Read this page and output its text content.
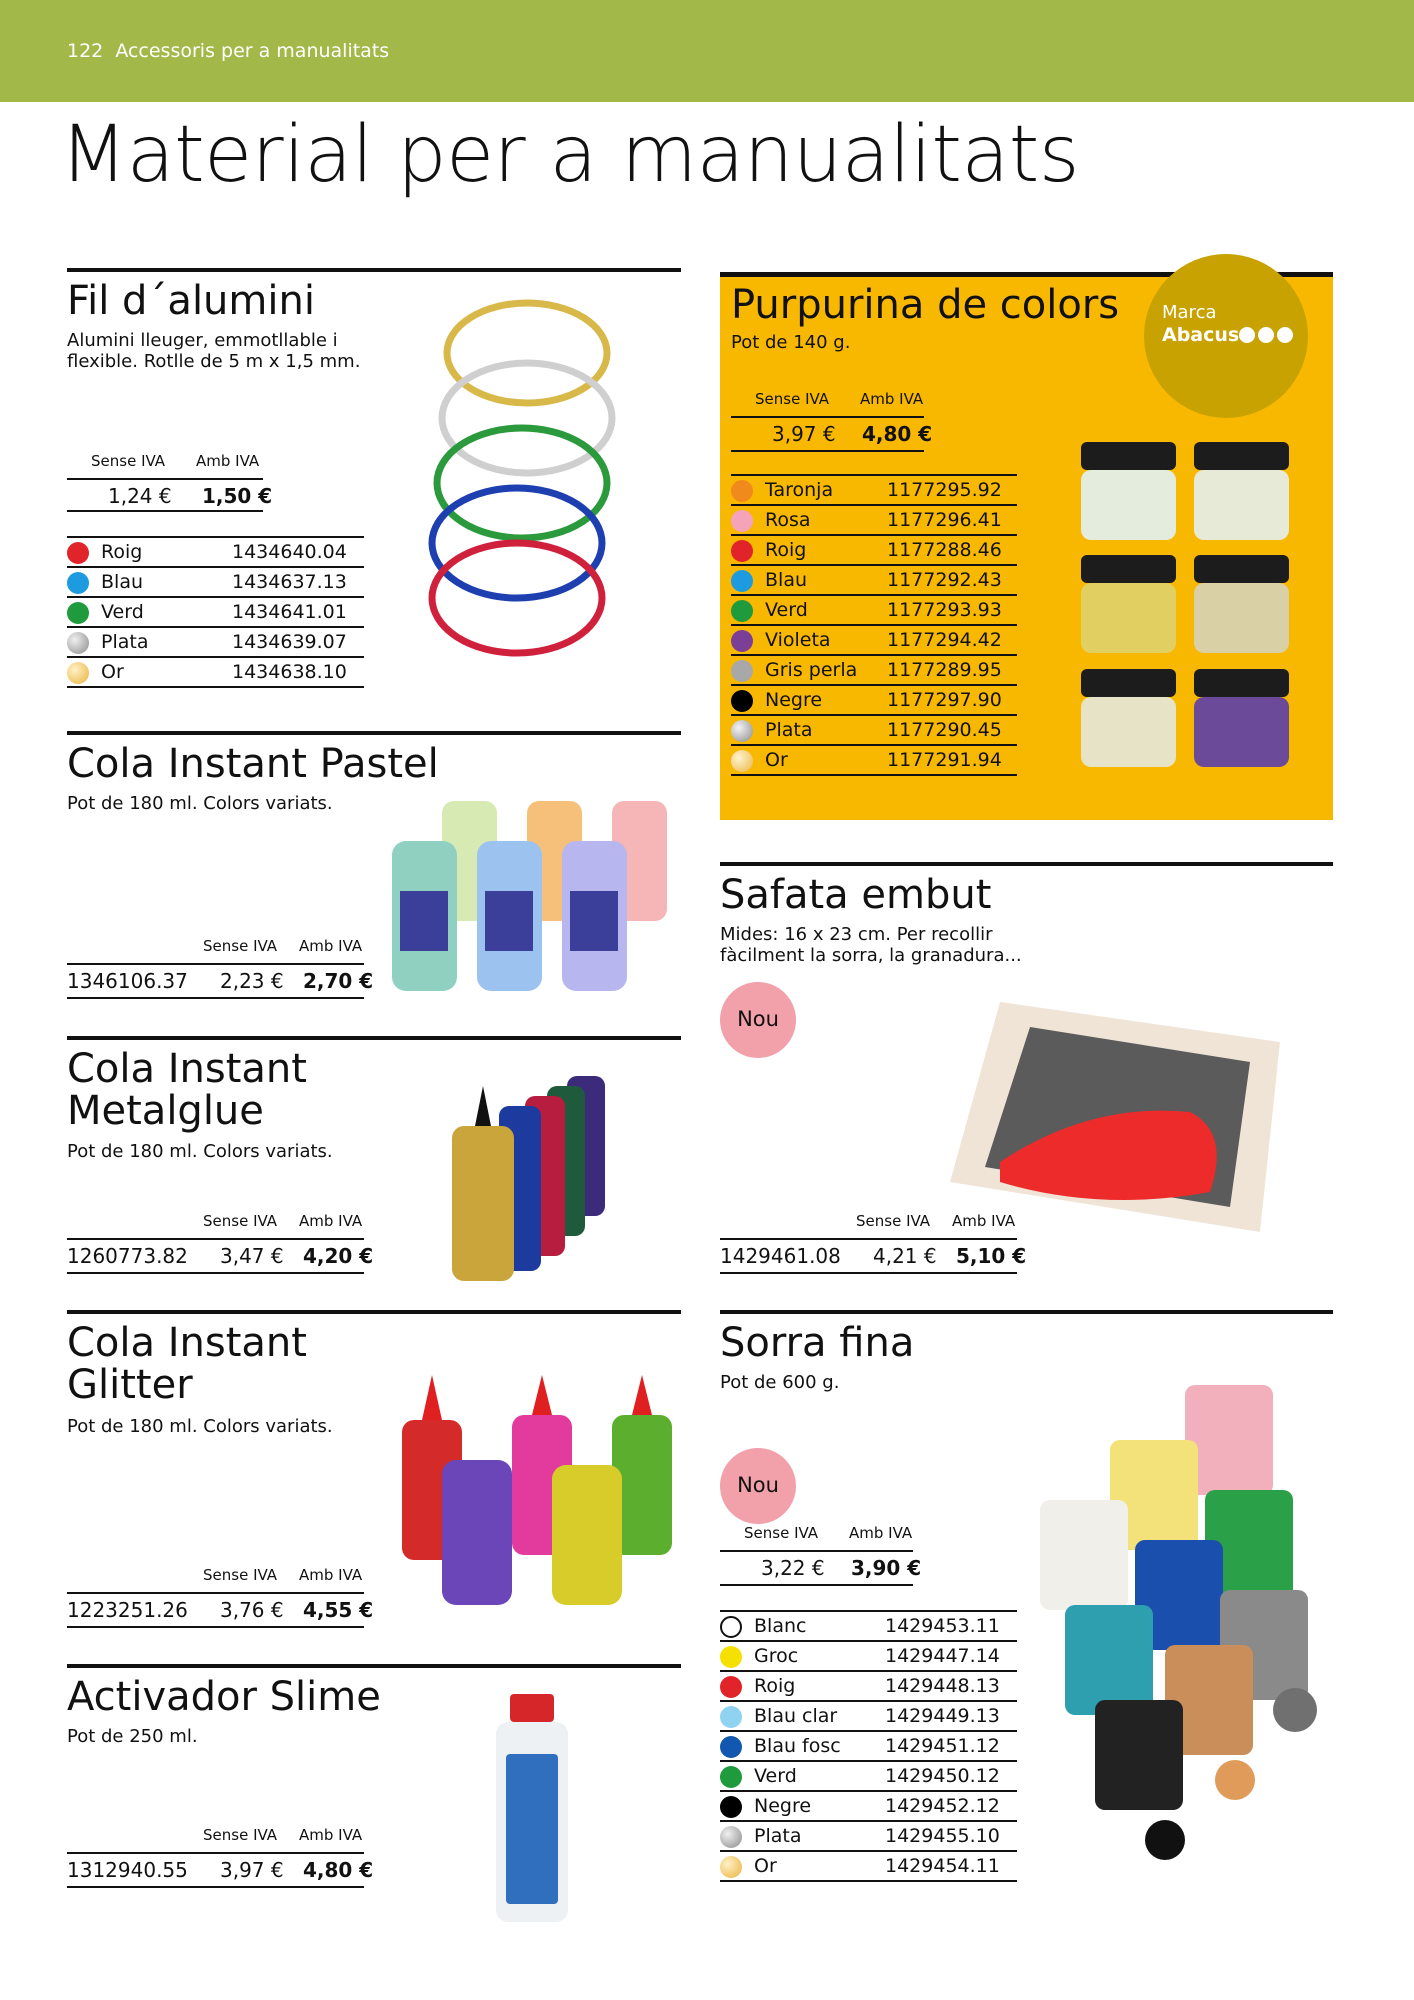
122 Accessoris per a manualitats
Material per a manualitats
Fil d´alumini
Alumini lleuger, emmotllable i flexible. Rotlle de 5 m x 1,5 mm.
Sense IVA Amb IVA
1,24 € 1,50 €
Roig	1434640.04
Blau	1434637.13
Verd	1434641.01
Plata	1434639.07
Or	1434638.10
Cola Instant Pastel
Pot de 180 ml. Colors variats.
Sense IVA Amb IVA
1346106.37 2,23 € 2,70 €
Cola Instant
Metalglue
Pot de 180 ml. Colors variats.
Sense IVA Amb IVA
1260773.82 3,47 € 4,20 €
Cola Instant
Glitter
Pot de 180 ml. Colors variats.
Sense IVA Amb IVA
1223251.26 3,76 € 4,55 €
Activador Slime
Pot de 250 ml.
Sense IVA Amb IVA
1312940.55 3,97 € 4,80 €
Purpurina de colors
Pot de 140 g.
Sense IVA Amb IVA
3,97 € 4,80 €
Taronja	1177295.92
Rosa	1177296.41
Roig	1177288.46
Blau	1177292.43
Verd	1177293.93
Violeta	1177294.42
Gris perla 1177289.95
Negre	1177297.90
Plata	1177290.45
Or	1177291.94
Marca
Abacus
Safata embut
Mides: 16 x 23 cm. Per recollir fàcilment la sorra, la granadura...
Nou
Sense IVA Amb IVA
1429461.08 4,21 € 5,10 €
Sorra fina
Pot de 600 g.
Nou
Sense IVA Amb IVA
3,22 € 3,90 €
Blanc	1429453.11
Groc	1429447.14
Roig	1429448.13
Blau clar	1429449.13
Blau fosc 1429451.12
Verd	1429450.12
Negre	1429452.12
Plata	1429455.10
Or	1429454.11
